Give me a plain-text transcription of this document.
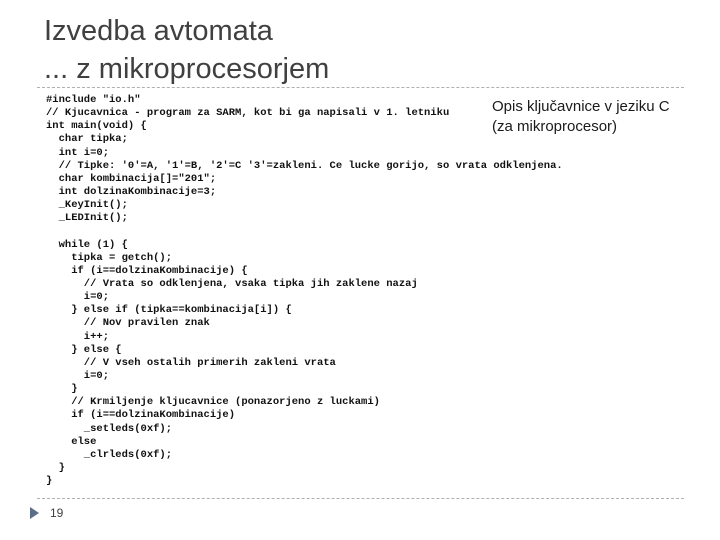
Izvedba avtomata
... z mikroprocesorjem
Opis ključavnice v jeziku C
(za mikroprocesor)
#include "io.h"
// Kjucavnica - program za SARM, kot bi ga napisali v 1. letniku
int main(void) {
char tipka;
int i=0;
// Tipke: '0'=A, '1'=B, '2'=C '3'=zakleni. Ce lucke gorijo, so vrata odklenjena.
char kombinacija[]="201";
int dolzinaKombinacije=3;
_KeyInit();
_LEDInit();
while (1) {
tipka = getch();
if (i==dolzinaKombinacije) {
// Vrata so odklenjena, vsaka tipka jih zaklene nazaj
i=0;
} else if (tipka==kombinacija[i]) {
// Nov pravilen znak
i++;
} else {
// V vseh ostalih primerih zakleni vrata
i=0;
}
// Krmiljenje kljucavnice (ponazorjeno z luckami)
if (i==dolzinaKombinacije)
_setleds(0xf);
else
_clrleds(0xf);
}
}
19
